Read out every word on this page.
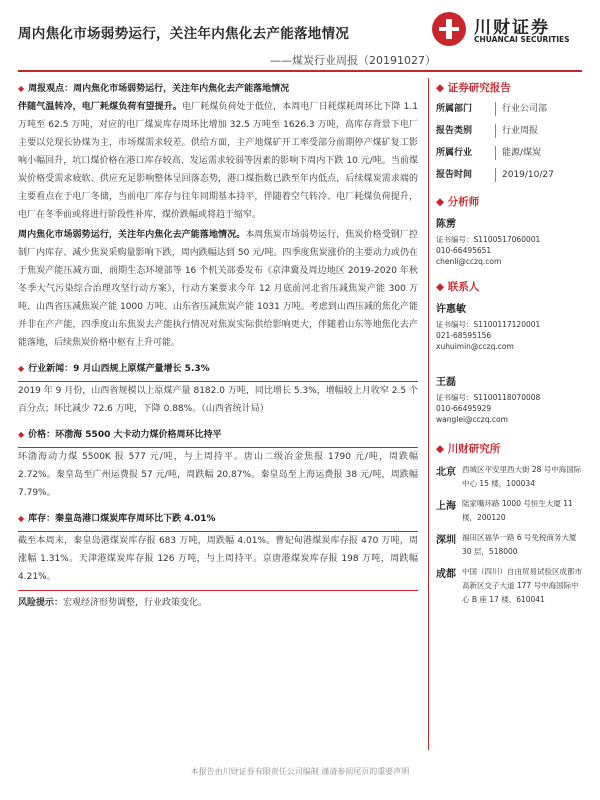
周内焦化市场弱势运行，关注年内焦化去产能落地情况
——煤炭行业周报（20191027）
川财证券
CHUANCAI SECURITIES
◆ 周报观点：周内焦化市场弱势运行，关注年内焦化去产能落地情况
伴随气温转冷，电厂耗煤负荷有望提升。电厂耗煤负荷处于低位，本周电厂日耗煤耗周环比下降 1.1 万吨至 62.5 万吨，对应的电厂煤炭库存周环比增加 32.5 万吨至 1626.3 万吨，高库存背景下电厂主要以兑现长协煤为主，市场煤需求较差。供给方面，主产地煤矿开工率受部分前期停产煤矿复工影响小幅回升，坑口煤价格在港口库存较高、发运需求较弱等因素的影响下周内下跌 10 元/吨。当前煤炭价格受需求疲软、供应充足影响整体呈回落态势，港口煤指数已跌至年内低点，后续煤炭需求端的主要看点在于电厂冬储，当前电厂库存与往年同期基本持平，伴随着空气转冷、电厂耗煤负荷提升，电厂在冬季前或将进行阶段性补库，煤价跌幅或将趋于缩窄。
周内焦化市场弱势运行，关注年内焦化去产能落地情况。本周焦炭市场弱势运行，焦炭价格受钢厂控制厂内库存、减少焦炭采购量影响下跌，周内跌幅达到 50 元/吨。四季度焦炭涨价的主要动力或仍在于焦炭产能压减方面，前期生态环境部等 16 个机关部委发布《京津冀及周边地区 2019-2020 年秋冬季大气污染综合治理攻坚行动方案》，行动方案要求今年 12 月底前河北省压减焦炭产能 300 万吨、山西省压减焦炭产能 1000 万吨、山东省压减焦炭产能 1031 万吨。考虑到山西压减的焦化产能并非在产产能，四季度山东焦炭去产能执行情况对焦炭实际供给影响更大，伴随着山东等地焦化去产能落地，后续焦炭价格中枢有上升可能。
◆ 行业新闻：9 月山西规上原煤产量增长 5.3%
2019 年 9 月份，山西省规模以上原煤产量 8182.0 万吨，同比增长 5.3%，增幅较上月收窄 2.5 个百分点；环比减少 72.6 万吨，下降 0.88%。（山西省统计局）
◆ 价格：环渤海 5500 大卡动力煤价格周环比持平
环渤海动力煤 5500K 报 577 元/吨，与上周持平。唐山二级冶金焦报 1790 元/吨，周跌幅 2.72%。秦皇岛至广州运费报 57 元/吨，周跌幅 20.87%。秦皇岛至上海运费报 38 元/吨，周跌幅 7.79%。
◆ 库存：秦皇岛港口煤炭库存周环比下跌 4.01%
截至本周末，秦皇岛港煤炭库存报 683 万吨，周跌幅 4.01%。曹妃甸港煤炭库存报 470 万吨，周涨幅 1.31%。天津港煤炭库存报 126 万吨，与上周持平。京唐港煤炭库存报 198 万吨，周跌幅 4.21%。
风险提示：宏观经济形势调整，行业政策变化。
◆ 证券研究报告
所属部门	行业公司部
报告类别	行业周报
所属行业	能源/煤炭
报告时间	2019/10/27
◆ 分析师
陈雳
证书编号：S1100517060001
010-66495651
chenli@cczq.com
◆ 联系人
许惠敏
证书编号：S1100117120001
021-68595156
xuhuimin@cczq.com
王磊
证书编号：S1100118070008
010-66495929
wanglei@cczq.com
◆ 川财研究所
北京 西城区平安里西大街 28 号中海国际中心 15 楼，100034
上海 陆家嘴环路 1000 号恒生大厦 11 楼，200120
深圳 福田区福华一路 6 号免税商务大厦 30 层，518000
成都 中国（四川）自由贸易试验区成都市高新区交子大道 177 号中海国际中心 B 座 17 楼，610041
本报告由川财证券有限责任公司编制 谨请参阅尾页的重要声明
